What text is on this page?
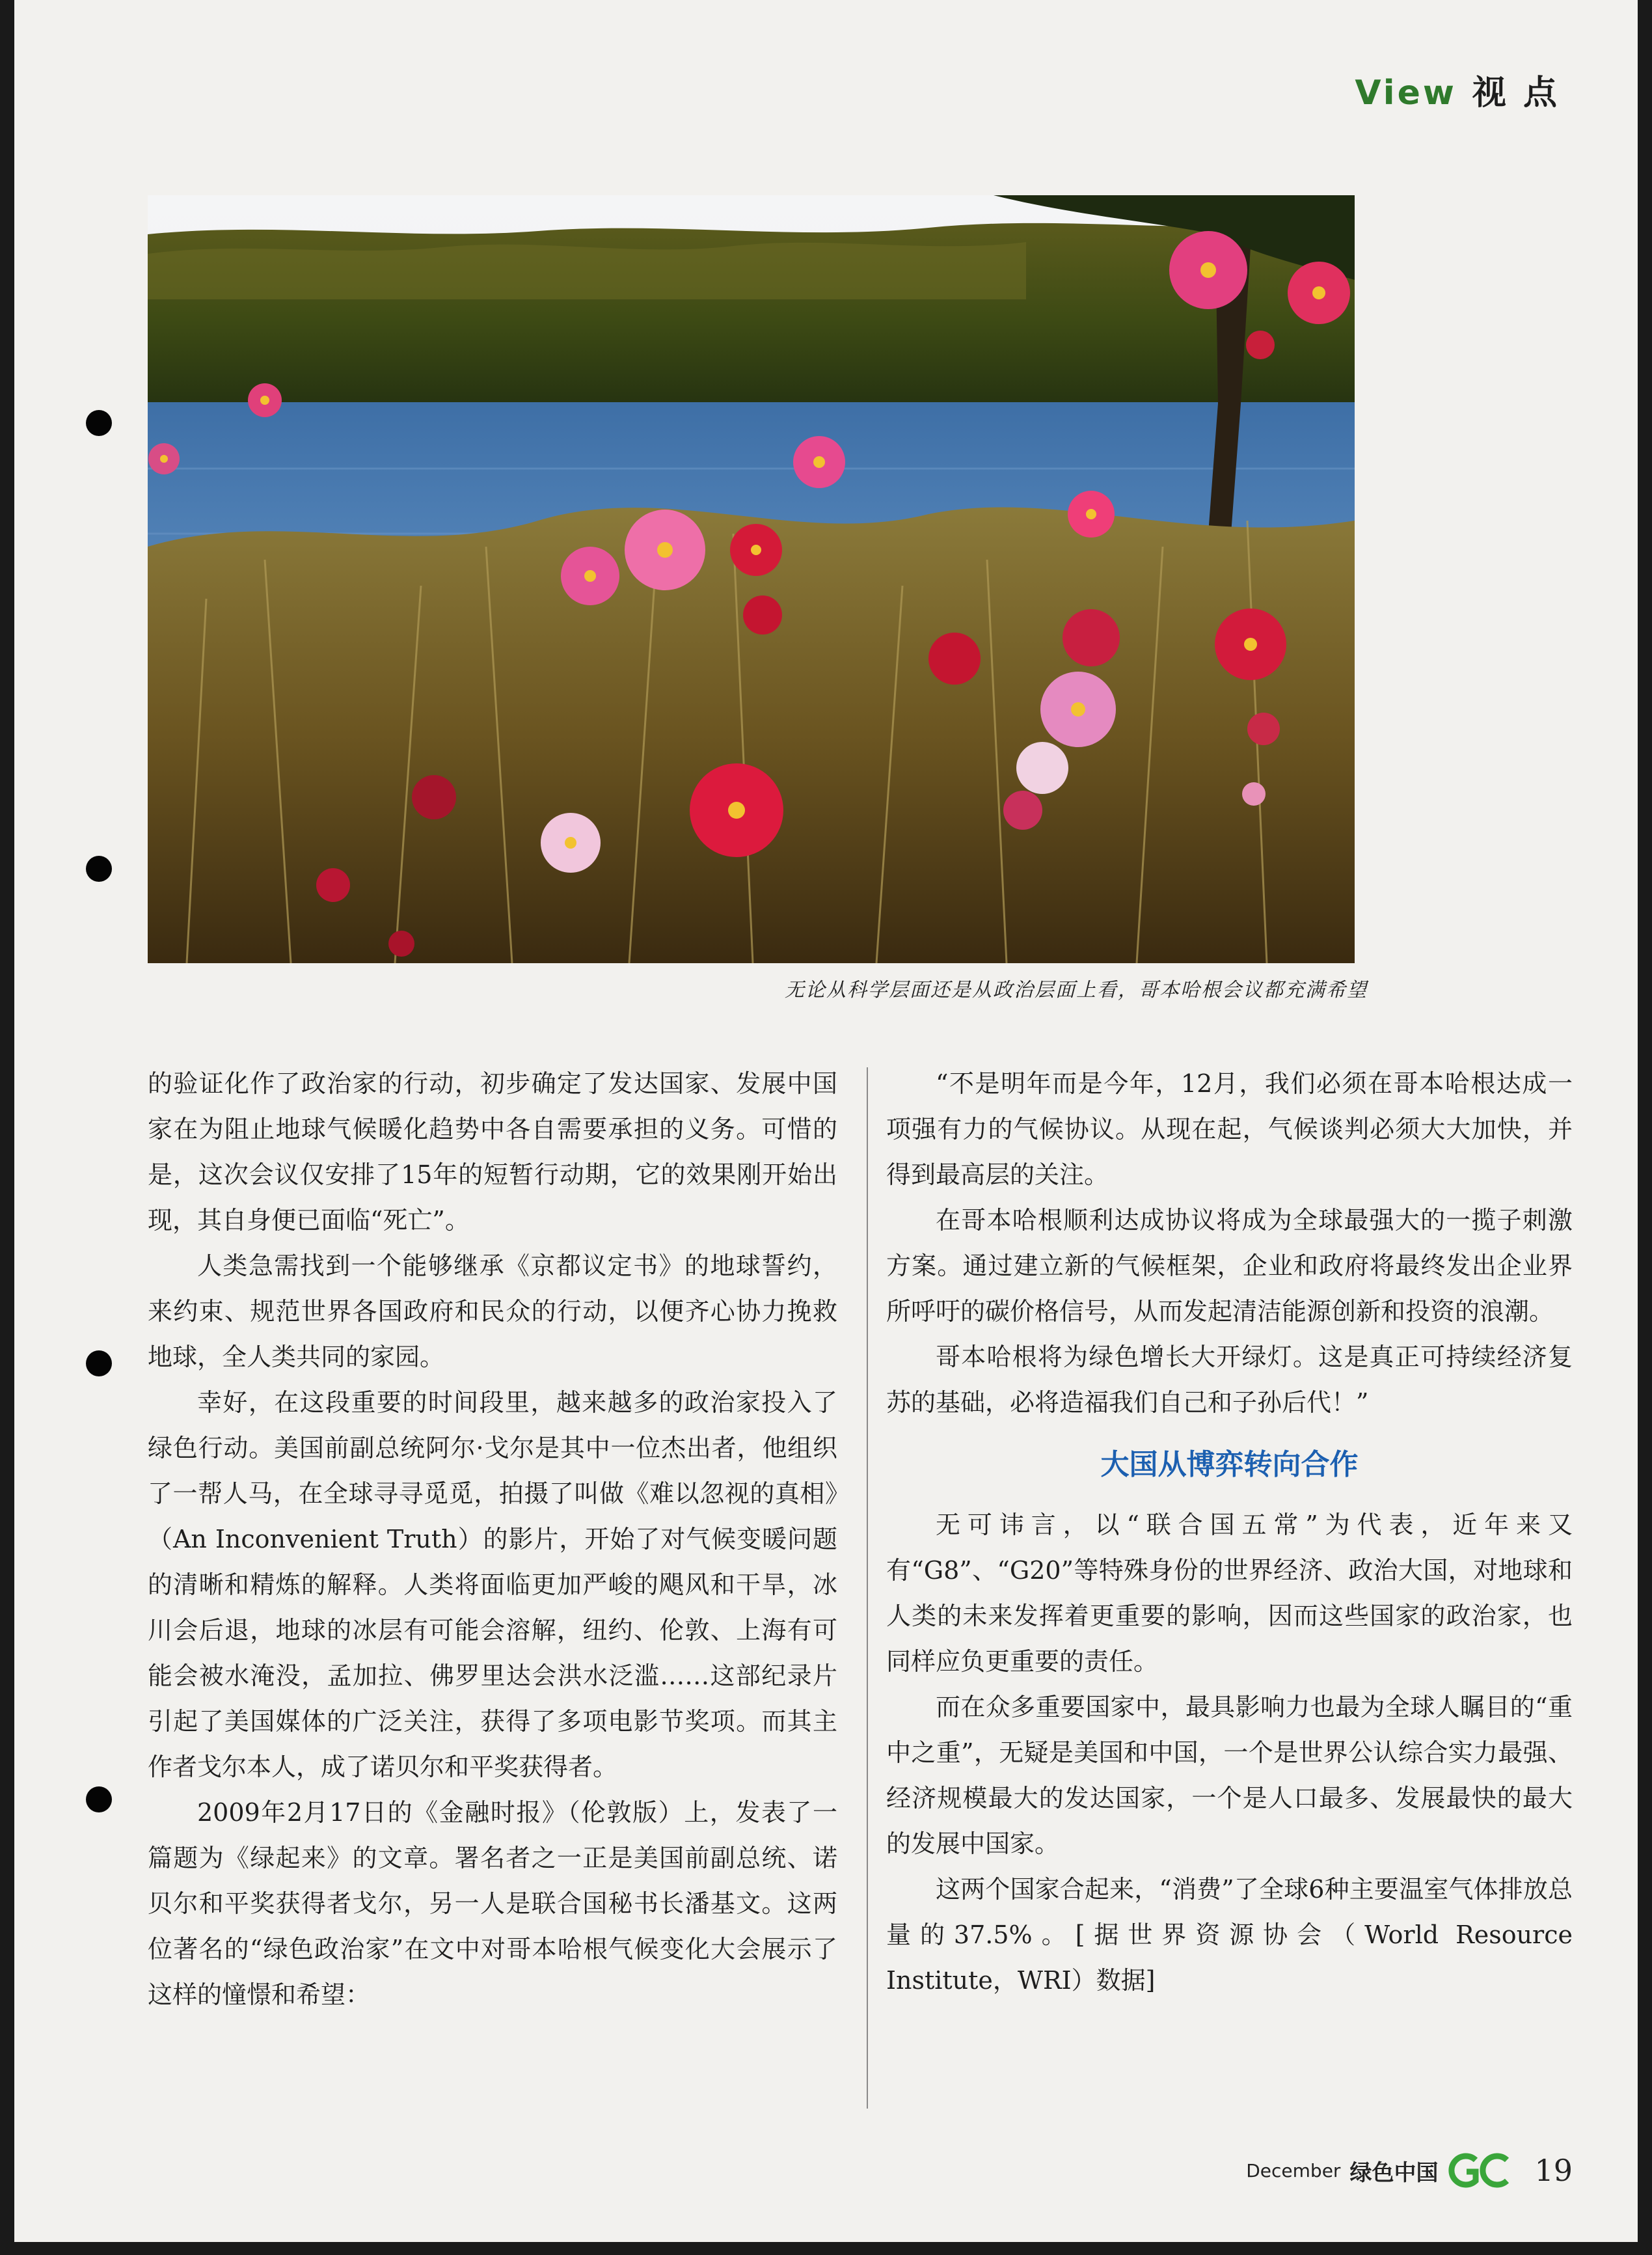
View 视 点
无论从科学层面还是从政治层面上看，哥本哈根会议都充满希望

的验证化作了政治家的行动，初步确定了发达国家、发展中国家在为阻止地球气候暖化趋势中各自需要承担的义务。可惜的是，这次会议仅安排了15年的短暂行动期，它的效果刚开始出现，其自身便已面临“死亡”。

人类急需找到一个能够继承《京都议定书》的地球誓约，来约束、规范世界各国政府和民众的行动，以便齐心协力挽救地球，全人类共同的家园。

幸好，在这段重要的时间段里，越来越多的政治家投入了绿色行动。美国前副总统阿尔·戈尔是其中一位杰出者，他组织了一帮人马，在全球寻寻觅觅，拍摄了叫做《难以忽视的真相》（An Inconvenient Truth）的影片，开始了对气候变暖问题的清晰和精炼的解释。人类将面临更加严峻的飓风和干旱，冰川会后退，地球的冰层有可能会溶解，纽约、伦敦、上海有可能会被水淹没，孟加拉、佛罗里达会洪水泛滥……这部纪录片引起了美国媒体的广泛关注，获得了多项电影节奖项。而其主作者戈尔本人，成了诺贝尔和平奖获得者。

2009年2月17日的《金融时报》（伦敦版）上，发表了一篇题为《绿起来》的文章。署名者之一正是美国前副总统、诺贝尔和平奖获得者戈尔，另一人是联合国秘书长潘基文。这两位著名的“绿色政治家”在文中对哥本哈根气候变化大会展示了这样的憧憬和希望：

“不是明年而是今年，12月，我们必须在哥本哈根达成一项强有力的气候协议。从现在起，气候谈判必须大大加快，并得到最高层的关注。

在哥本哈根顺利达成协议将成为全球最强大的一揽子刺激方案。通过建立新的气候框架，企业和政府将最终发出企业界所呼吁的碳价格信号，从而发起清洁能源创新和投资的浪潮。

哥本哈根将为绿色增长大开绿灯。这是真正可持续经济复苏的基础，必将造福我们自己和子孙后代！”

大国从博弈转向合作

无可讳言，以“联合国五常”为代表，近年来又有“G8”、“G20”等特殊身份的世界经济、政治大国，对地球和人类的未来发挥着更重要的影响，因而这些国家的政治家，也同样应负更重要的责任。

而在众多重要国家中，最具影响力也最为全球人瞩目的“重中之重”，无疑是美国和中国，一个是世界公认综合实力最强、经济规模最大的发达国家，一个是人口最多、发展最快的最大的发展中国家。

这两个国家合起来，“消费”了全球6种主要温室气体排放总量的37.5%。[据世界资源协会（World Resource Institute，WRI）数据]

December 绿色中国	19
